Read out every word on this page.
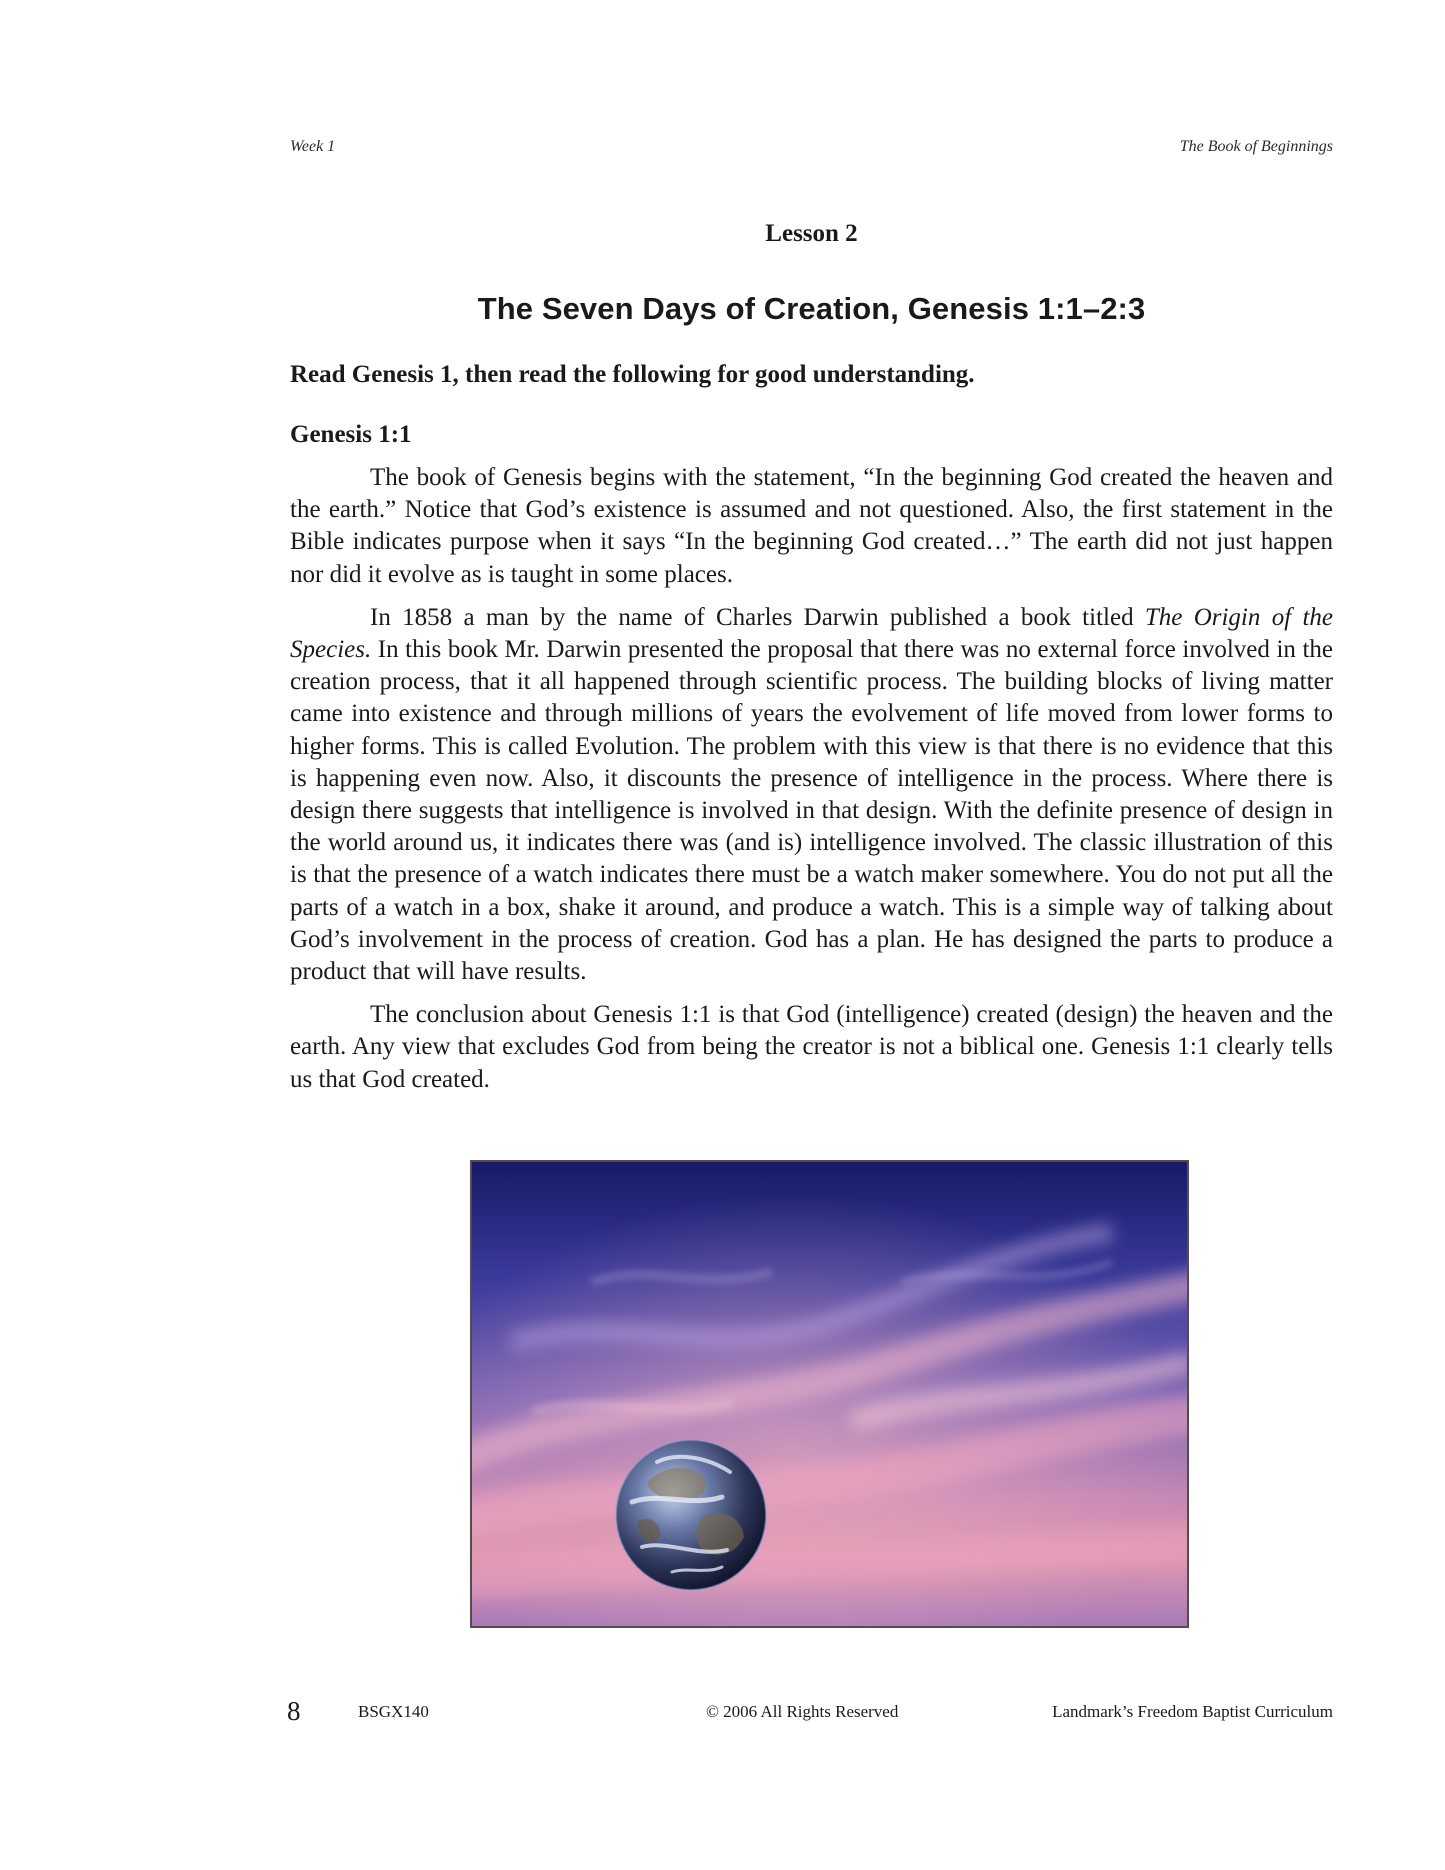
Week 1	The Book of Beginnings
Lesson 2
The Seven Days of Creation, Genesis 1:1–2:3
Read Genesis 1, then read the following for good understanding.
Genesis 1:1

The book of Genesis begins with the statement, “In the beginning God created the heaven and the earth.” Notice that God’s existence is assumed and not questioned. Also, the first statement in the Bible indicates purpose when it says “In the beginning God created…” The earth did not just happen nor did it evolve as is taught in some places.

In 1858 a man by the name of Charles Darwin published a book titled The Origin of the Species. In this book Mr. Darwin presented the proposal that there was no external force involved in the creation process, that it all happened through scientific process. The building blocks of living matter came into existence and through millions of years the evolvement of life moved from lower forms to higher forms. This is called Evolution. The problem with this view is that there is no evidence that this is happening even now. Also, it discounts the presence of intelligence in the process. Where there is design there suggests that intelligence is involved in that design. With the definite presence of design in the world around us, it indicates there was (and is) intelligence involved. The classic illustration of this is that the presence of a watch indicates there must be a watch maker somewhere. You do not put all the parts of a watch in a box, shake it around, and produce a watch. This is a simple way of talking about God’s involvement in the process of creation. God has a plan. He has designed the parts to produce a product that will have results.

The conclusion about Genesis 1:1 is that God (intelligence) created (design) the heaven and the earth. Any view that excludes God from being the creator is not a biblical one. Genesis 1:1 clearly tells us that God created.

8	BSGX140	© 2006 All Rights Reserved	Landmark’s Freedom Baptist Curriculum
